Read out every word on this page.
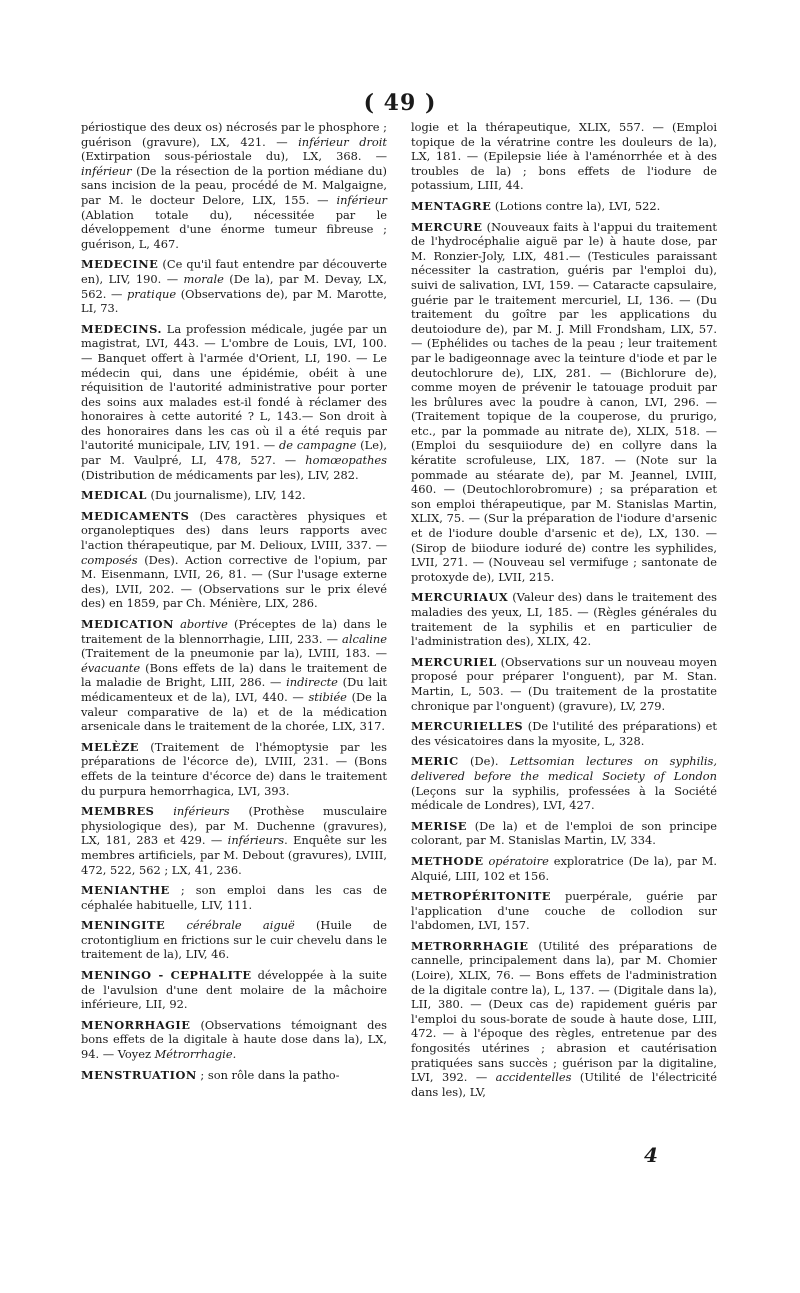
( 49 )

périostique des deux os) nécrosés par le phosphore ; guérison (gravure), LX, 421. — inférieur droit (Extirpation sous-périostale du), LX, 368. — inférieur (De la résection de la portion médiane du) sans incision de la peau, procédé de M. Malgaigne, par M. le docteur Delore, LIX, 155. — inférieur (Ablation totale du), nécessitée par le développement d'une énorme tumeur fibreuse ; guérison, L, 467.

MEDECINE (Ce qu'il faut entendre par découverte en), LIV, 190. — morale (De la), par M. Devay, LX, 562. — pratique (Observations de), par M. Marotte, LI, 73.

MEDECINS. La profession médicale, jugée par un magistrat, LVI, 443. — L'ombre de Louis, LVI, 100. — Banquet offert à l'armée d'Orient, LI, 190. — Le médecin qui, dans une épidémie, obéit à une réquisition de l'autorité administrative pour porter des soins aux malades est-il fondé à réclamer des honoraires à cette autorité ? L, 143.— Son droit à des honoraires dans les cas où il a été requis par l'autorité municipale, LIV, 191. — de campagne (Le), par M. Vaulpré, LI, 478, 527. — homœopathes (Distribution de médicaments par les), LIV, 282.

MEDICAL (Du journalisme), LIV, 142.

MEDICAMENTS (Des caractères physiques et organoleptiques des) dans leurs rapports avec l'action thérapeutique, par M. Delioux, LVIII, 337. — composés (Des). Action corrective de l'opium, par M. Eisenmann, LVII, 26, 81. — (Sur l'usage externe des), LVII, 202. — (Observations sur le prix élevé des) en 1859, par Ch. Ménière, LIX, 286.

MEDICATION abortive (Préceptes de la) dans le traitement de la blennorrhagie, LIII, 233. — alcaline (Traitement de la pneumonie par la), LVIII, 183. — évacuante (Bons effets de la) dans le traitement de la maladie de Bright, LIII, 286. — indirecte (Du lait médicamenteux et de la), LVI, 440. — stibiée (De la valeur comparative de la) et de la médication arsenicale dans le traitement de la chorée, LIX, 317.

MELÈZE (Traitement de l'hémoptysie par les préparations de l'écorce de), LVIII, 231. — (Bons effets de la teinture d'écorce de) dans le traitement du purpura hemorrhagica, LVI, 393.

MEMBRES inférieurs (Prothèse musculaire physiologique des), par M. Duchenne (gravures), LX, 181, 283 et 429. — inférieurs. Enquête sur les membres artificiels, par M. Debout (gravures), LVIII, 472, 522, 562 ; LX, 41, 236.

MENIANTHE ; son emploi dans les cas de céphalée habituelle, LIV, 111.

MENINGITE cérébrale aiguë (Huile de crotontiglium en frictions sur le cuir chevelu dans le traitement de la), LIV, 46.

MENINGO - CEPHALITE développée à la suite de l'avulsion d'une dent molaire de la mâchoire inférieure, LII, 92.

MENORRHAGIE (Observations témoignant des bons effets de la digitale à haute dose dans la), LX, 94. — Voyez Métrorrhagie.

MENSTRUATION ; son rôle dans la patho-

logie et la thérapeutique, XLIX, 557. — (Emploi topique de la vératrine contre les douleurs de la), LX, 181. — (Epilepsie liée à l'aménorrhée et à des troubles de la) ; bons effets de l'iodure de potassium, LIII, 44.

MENTAGRE (Lotions contre la), LVI, 522.

MERCURE (Nouveaux faits à l'appui du traitement de l'hydrocéphalie aiguë par le) à haute dose, par M. Ronzier-Joly, LIX, 481.— (Testicules paraissant nécessiter la castration, guéris par l'emploi du), suivi de salivation, LVI, 159. — Cataracte capsulaire, guérie par le traitement mercuriel, LI, 136. — (Du traitement du goître par les applications du deutoiodure de), par M. J. Mill Frondsham, LIX, 57. — (Ephélides ou taches de la peau ; leur traitement par le badigeonnage avec la teinture d'iode et par le deutochlorure de), LIX, 281. — (Bichlorure de), comme moyen de prévenir le tatouage produit par les brûlures avec la poudre à canon, LVI, 296. — (Traitement topique de la couperose, du prurigo, etc., par la pommade au nitrate de), XLIX, 518. — (Emploi du sesquiiodure de) en collyre dans la kératite scrofuleuse, LIX, 187. — (Note sur la pommade au stéarate de), par M. Jeannel, LVIII, 460. — (Deutochlorobromure) ; sa préparation et son emploi thérapeutique, par M. Stanislas Martin, XLIX, 75. — (Sur la préparation de l'iodure d'arsenic et de l'iodure double d'arsenic et de), LX, 130. — (Sirop de biiodure ioduré de) contre les syphilides, LVII, 271. — (Nouveau sel vermifuge ; santonate de protoxyde de), LVII, 215.

MERCURIAUX (Valeur des) dans le traitement des maladies des yeux, LI, 185. — (Règles générales du traitement de la syphilis et en particulier de l'administration des), XLIX, 42.

MERCURIEL (Observations sur un nouveau moyen proposé pour préparer l'onguent), par M. Stan. Martin, L, 503. — (Du traitement de la prostatite chronique par l'onguent) (gravure), LV, 279.

MERCURIELLES (De l'utilité des préparations) et des vésicatoires dans la myosite, L, 328.

MERIC (De). Lettsomian lectures on syphilis, delivered before the medical Society of London (Leçons sur la syphilis, professées à la Société médicale de Londres), LVI, 427.

MERISE (De la) et de l'emploi de son principe colorant, par M. Stanislas Martin, LV, 334.

METHODE opératoire exploratrice (De la), par M. Alquié, LIII, 102 et 156.

METROPÉRITONITE puerpérale, guérie par l'application d'une couche de collodion sur l'abdomen, LVI, 157.

METRORRHAGIE (Utilité des préparations de cannelle, principalement dans la), par M. Chomier (Loire), XLIX, 76. — Bons effets de l'administration de la digitale contre la), L, 137. — (Digitale dans la), LII, 380. — (Deux cas de) rapidement guéris par l'emploi du sous-borate de soude à haute dose, LIII, 472. — à l'époque des règles, entretenue par des fongosités utérines ; abrasion et cautérisation pratiquées sans succès ; guérison par la digitaline, LVI, 392. — accidentelles (Utilité de l'électricité dans les), LV,

4
